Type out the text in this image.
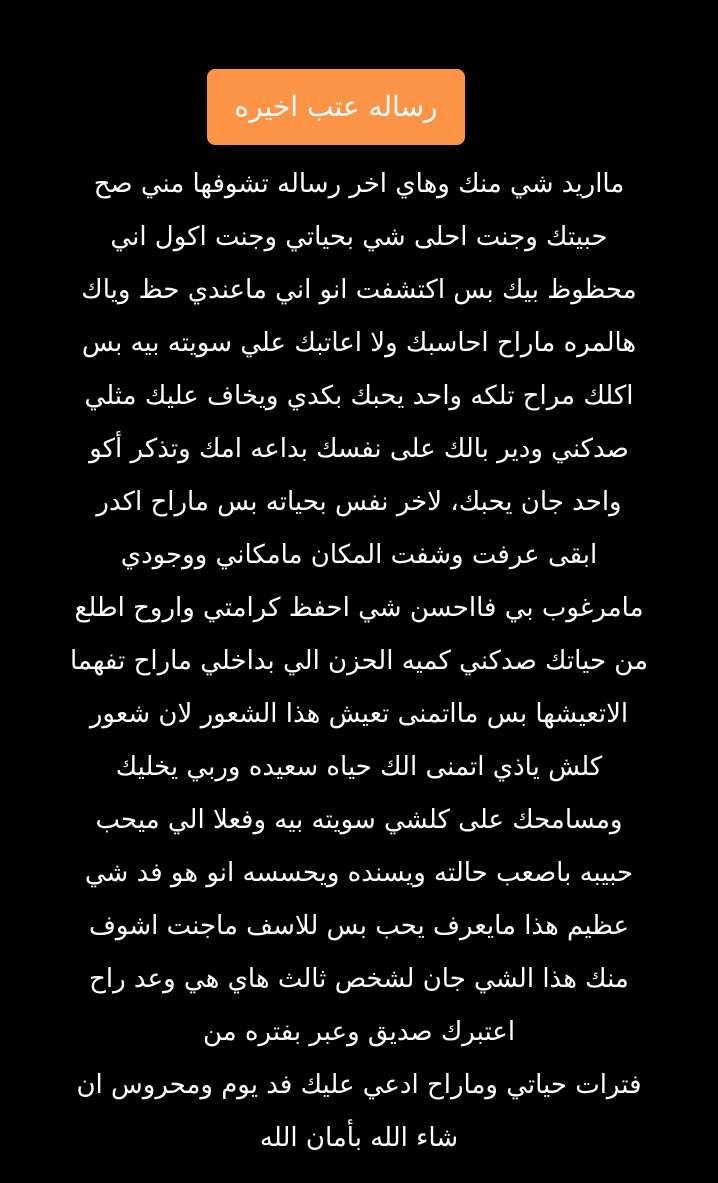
رساله عتب اخيره
مااريد شي منك وهاي اخر رساله تشوفها مني صح
حبيتك وجنت احلى شي بحياتي وجنت اكول اني
محظوظ بيك بس اكتشفت انو اني ماعندي حظ وياك
هالمره ماراح احاسبك ولا اعاتبك علي سويته بيه بس
اكلك مراح تلكه واحد يحبك بكدي ويخاف عليك مثلي
صدكني ودير بالك على نفسك بداعه امك وتذكر أكو
واحد جان يحبك، لاخر نفس بحياته بس ماراح اكدر
ابقى عرفت وشفت المكان مامكاني ووجودي
مامرغوب بي فااحسن شي احفظ كرامتي واروح اطلع
من حياتك صدكني كميه الحزن الي بداخلي ماراح تفهما
الاتعيشها بس مااتمنى تعيش هذا الشعور لان شعور
كلش ياذي اتمنى الك حياه سعيده وربي يخليك
ومسامحك على كلشي سويته بيه وفعلا الي ميحب
حبيبه باصعب حالته ويسنده ويحسسه انو هو فد شي
عظيم هذا مايعرف يحب بس للاسف ماجنت اشوف
منك هذا الشي جان لشخص ثالث هاي هي وعد راح
اعتبرك صديق وعبر بفتره من
فترات حياتي وماراح ادعي عليك فد يوم ومحروس ان
شاء الله بأمان الله
